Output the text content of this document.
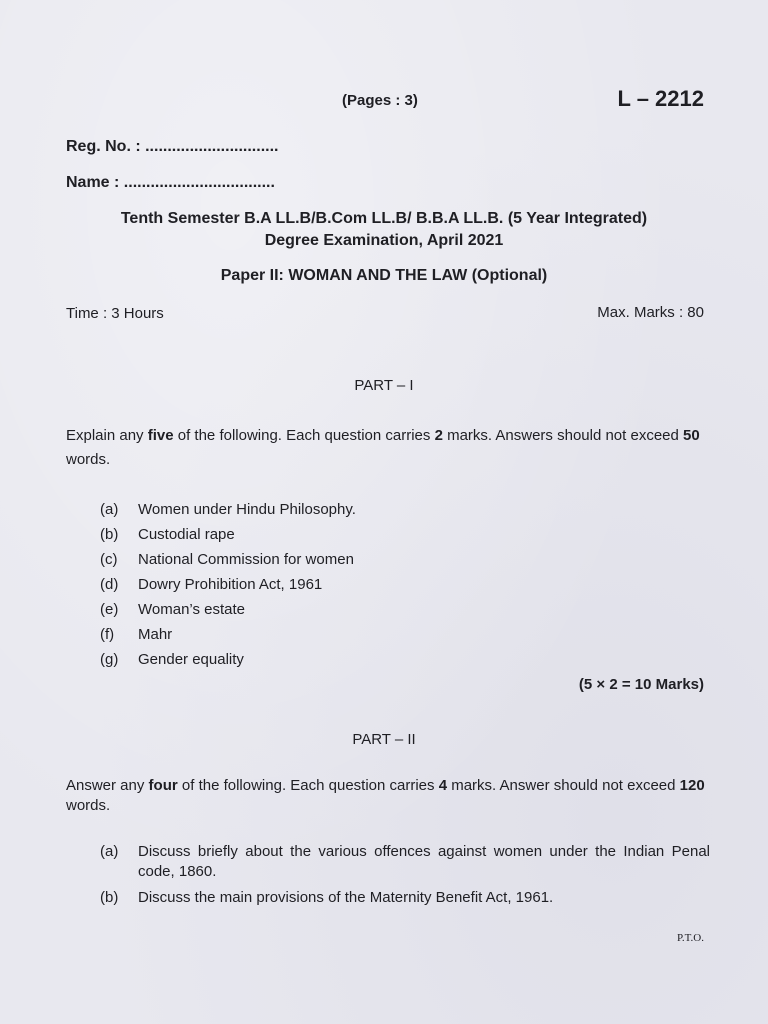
(Pages : 3)	L – 2212
Reg. No. : ..............................
Name : ..................................
Tenth Semester B.A LL.B/B.Com LL.B/ B.B.A LL.B. (5 Year Integrated)
Degree Examination, April 2021
Paper II: WOMAN AND THE LAW (Optional)
Time : 3 Hours	Max. Marks : 80
PART – I
Explain any five of the following. Each question carries 2 marks. Answers should not exceed 50 words.
(a)	Women under Hindu Philosophy.
(b)	Custodial rape
(c)	National Commission for women
(d)	Dowry Prohibition Act, 1961
(e)	Woman’s estate
(f)	Mahr
(g)	Gender equality
(5 × 2 = 10 Marks)
PART – II
Answer any four of the following. Each question carries 4 marks. Answer should not exceed 120 words.
(a)	Discuss briefly about the various offences against women under the Indian Penal code, 1860.
(b)	Discuss the main provisions of the Maternity Benefit Act, 1961.
P.T.O.
